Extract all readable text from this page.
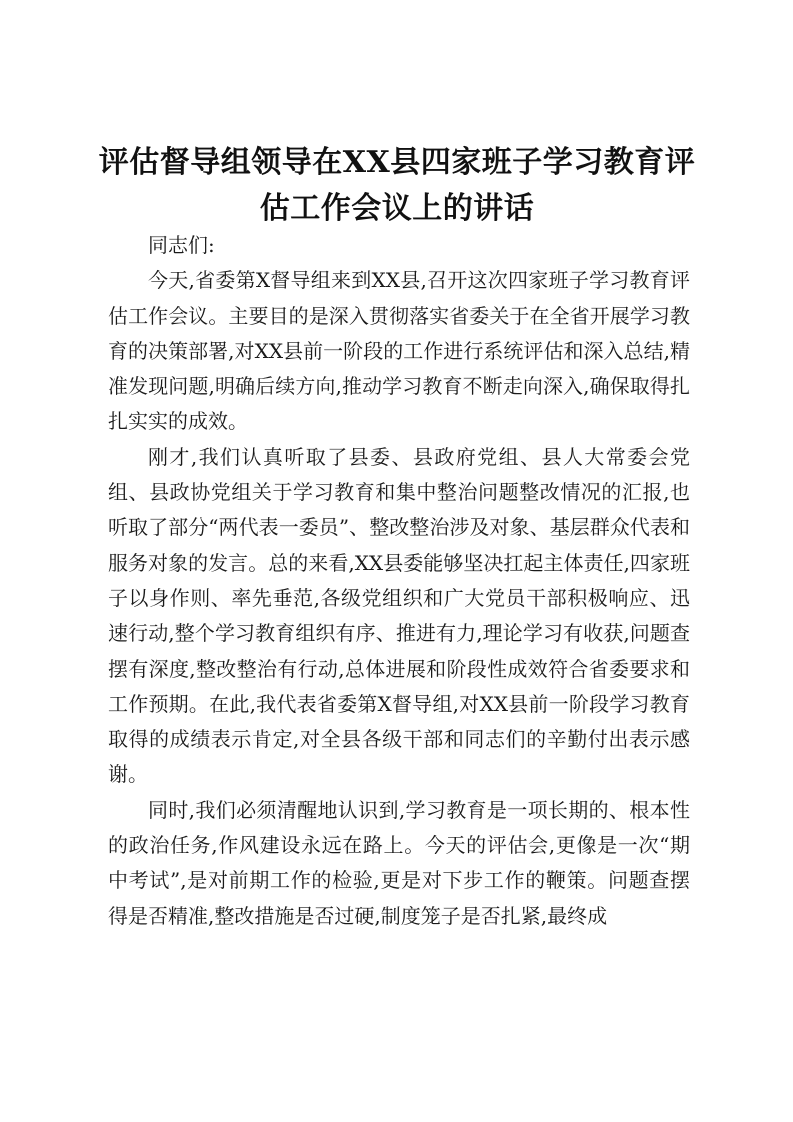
评估督导组领导在XX县四家班子学习教育评估工作会议上的讲话

同志们:

今天,省委第X督导组来到XX县,召开这次四家班子学习教育评估工作会议。主要目的是深入贯彻落实省委关于在全省开展学习教育的决策部署,对XX县前一阶段的工作进行系统评估和深入总结,精准发现问题,明确后续方向,推动学习教育不断走向深入,确保取得扎扎实实的成效。

刚才,我们认真听取了县委、县政府党组、县人大常委会党组、县政协党组关于学习教育和集中整治问题整改情况的汇报,也听取了部分“两代表一委员”、整改整治涉及对象、基层群众代表和服务对象的发言。总的来看,XX县委能够坚决扛起主体责任,四家班子以身作则、率先垂范,各级党组织和广大党员干部积极响应、迅速行动,整个学习教育组织有序、推进有力,理论学习有收获,问题查摆有深度,整改整治有行动,总体进展和阶段性成效符合省委要求和工作预期。在此,我代表省委第X督导组,对XX县前一阶段学习教育取得的成绩表示肯定,对全县各级干部和同志们的辛勤付出表示感谢。

同时,我们必须清醒地认识到,学习教育是一项长期的、根本性的政治任务,作风建设永远在路上。今天的评估会,更像是一次“期中考试”,是对前期工作的检验,更是对下步工作的鞭策。问题查摆得是否精准,整改措施是否过硬,制度笼子是否扎紧,最终成
